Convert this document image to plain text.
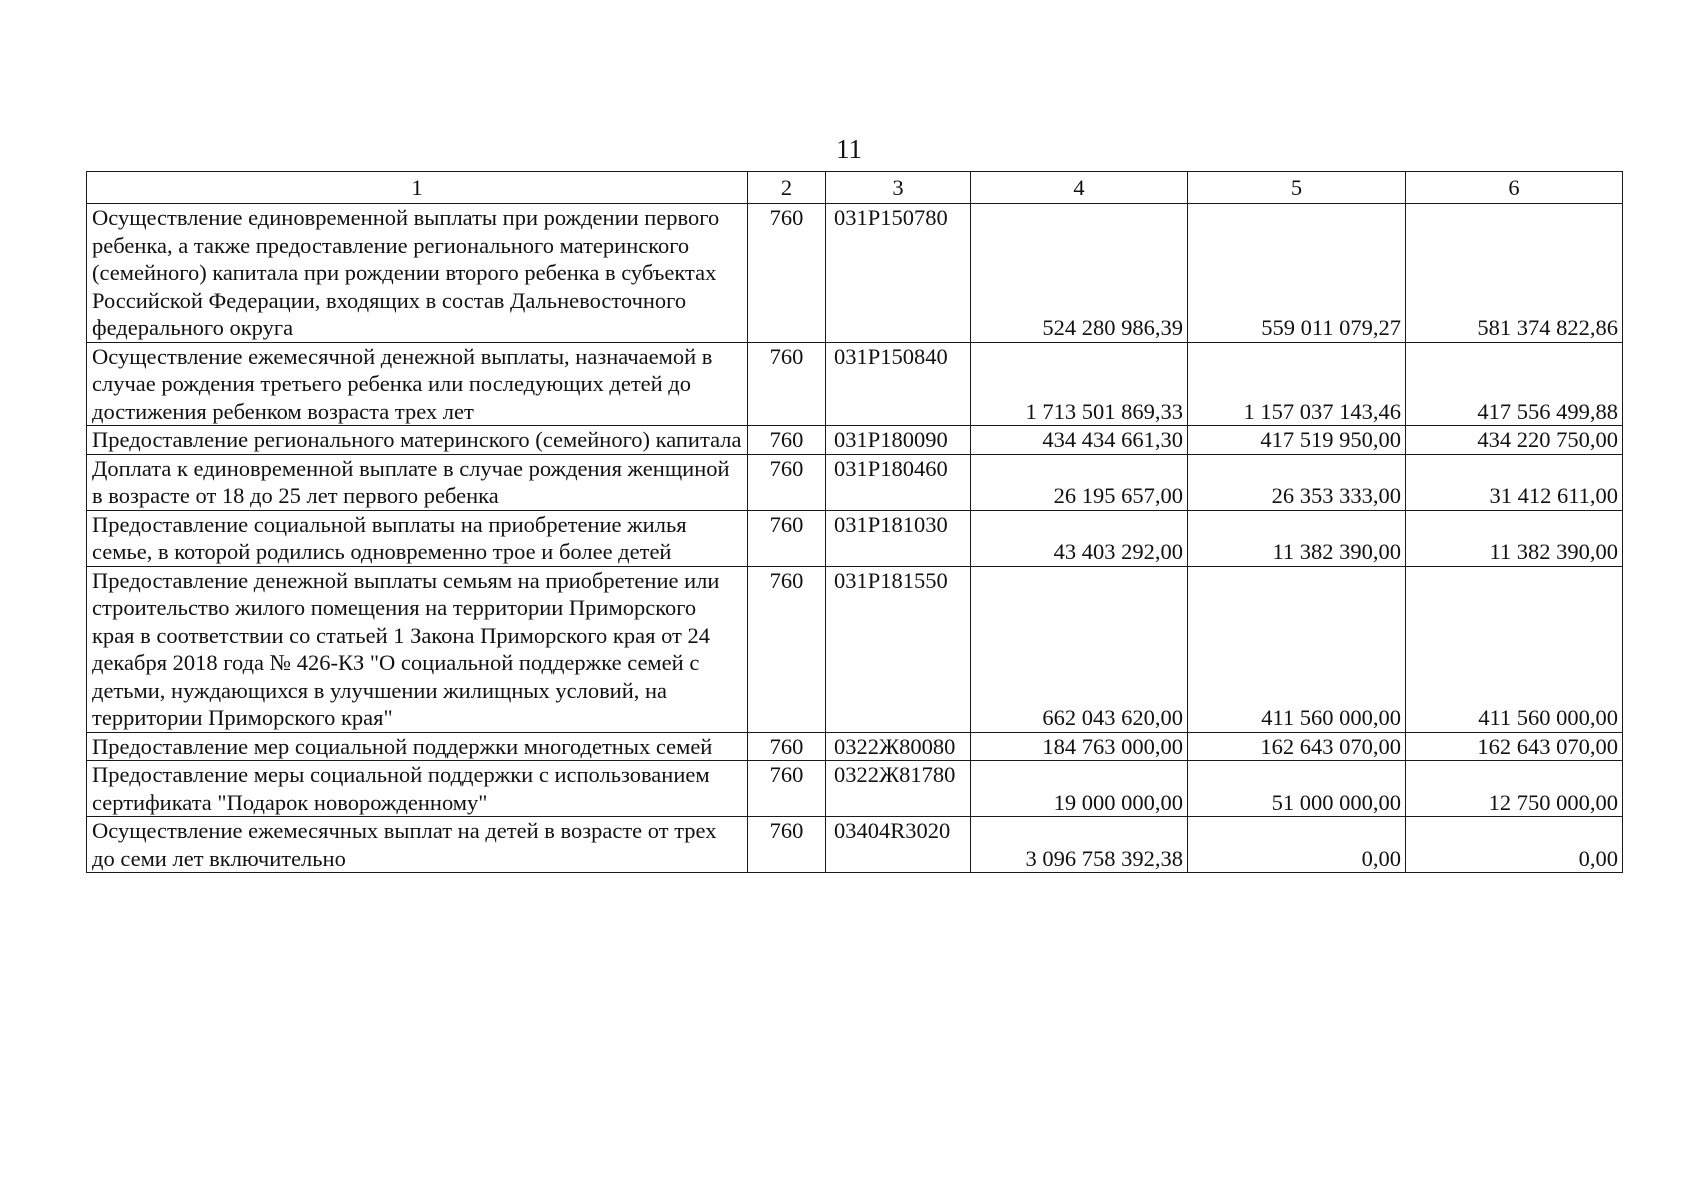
11
1	2	3	4	5	6
Осуществление единовременной выплаты при рождении первого ребенка, а также предоставление регионального материнского (семейного) капитала при рождении второго ребенка в субъектах Российской Федерации, входящих в состав Дальневосточного федерального округа	760	031P150780	524 280 986,39	559 011 079,27	581 374 822,86
Осуществление ежемесячной денежной выплаты, назначаемой в случае рождения третьего ребенка или последующих детей до достижения ребенком возраста трех лет	760	031P150840	1 713 501 869,33	1 157 037 143,46	417 556 499,88
Предоставление регионального материнского (семейного) капитала	760	031P180090	434 434 661,30	417 519 950,00	434 220 750,00
Доплата к единовременной выплате в случае рождения женщиной в возрасте от 18 до 25 лет первого ребенка	760	031P180460	26 195 657,00	26 353 333,00	31 412 611,00
Предоставление социальной выплаты на приобретение жилья семье, в которой родились одновременно трое и более детей	760	031P181030	43 403 292,00	11 382 390,00	11 382 390,00
Предоставление денежной выплаты семьям на приобретение или строительство жилого помещения на территории Приморского края в соответствии со статьей 1 Закона Приморского края от 24 декабря 2018 года № 426-КЗ "О социальной поддержке семей с детьми, нуждающихся в улучшении жилищных условий, на территории Приморского края"	760	031P181550	662 043 620,00	411 560 000,00	411 560 000,00
Предоставление мер социальной поддержки многодетных семей	760	0322Ж80080	184 763 000,00	162 643 070,00	162 643 070,00
Предоставление меры социальной поддержки с использованием сертификата "Подарок новорожденному"	760	0322Ж81780	19 000 000,00	51 000 000,00	12 750 000,00
Осуществление ежемесячных выплат на детей в возрасте от трех до семи лет включительно	760	03404R3020	3 096 758 392,38	0,00	0,00
